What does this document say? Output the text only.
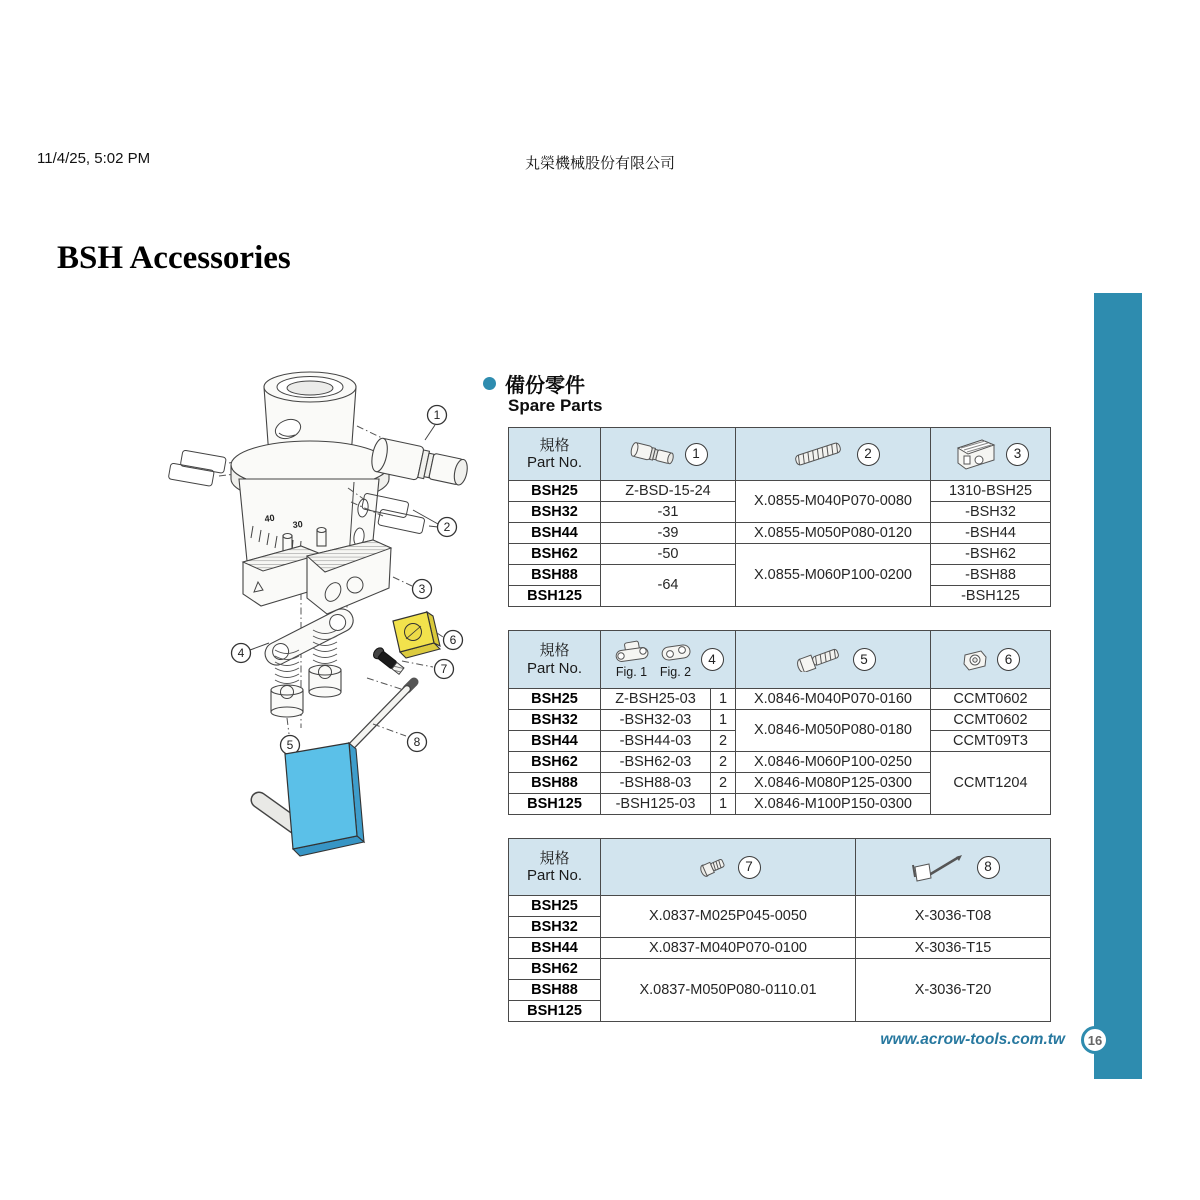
11/4/25, 5:02 PM	丸榮機械股份有限公司
BSH Accessories
40
30
1
2
3
4
5
6
7
8
備份零件
Spare Parts
規格
Part No.	1	2	3

BSH25	Z-BSD-15-24	X.0855-M040P070-0080	1310-BSH25
BSH32	-31		-BSH32
BSH44	-39	X.0855-M050P080-0120	-BSH44
BSH62	-50	X.0855-M060P100-0200	-BSH62
BSH88	-64		-BSH88
BSH125			-BSH125
規格
Part No.	Fig. 1 Fig. 2
4	5	6

BSH25	Z-BSH25-03	1	X.0846-M040P070-0160	CCMT0602
BSH32	-BSH32-03	1	X.0846-M050P080-0180	CCMT0602
BSH44	-BSH44-03	2		CCMT09T3
BSH62	-BSH62-03	2	X.0846-M060P100-0250	CCMT1204
BSH88	-BSH88-03	2	X.0846-M080P125-0300	
BSH125	-BSH125-03	1	X.0846-M100P150-0300	
規格
Part No.	7	8

BSH25	X.0837-M025P045-0050	X-3036-T08
BSH32		
BSH44	X.0837-M040P070-0100	X-3036-T15
BSH62	X.0837-M050P080-0110.01	X-3036-T20
BSH88		
BSH125		
www.acrow-tools.com.tw	16
